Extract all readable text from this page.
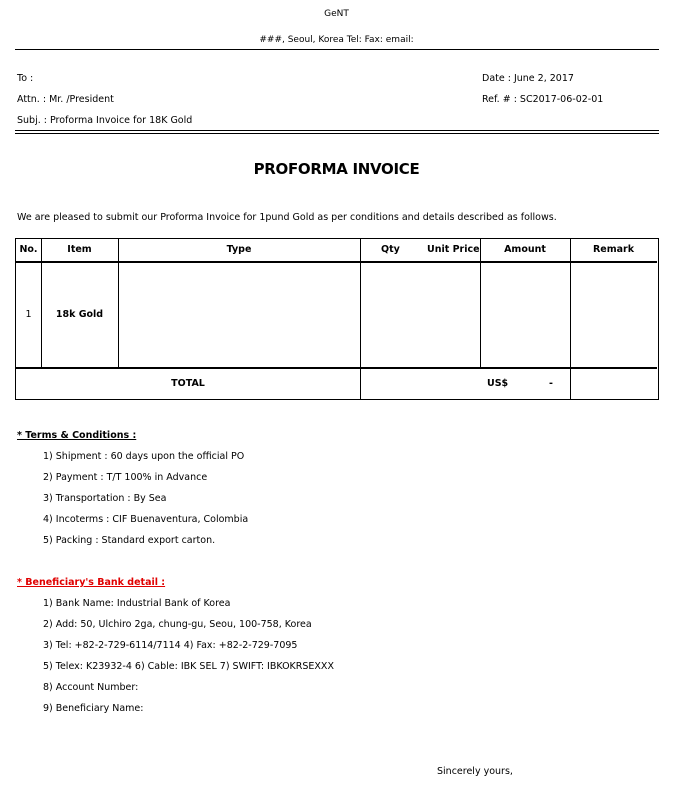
GeNT
###, Seoul, Korea Tel: Fax: email:
To :
Attn. : Mr. /President
Subj. : Proforma Invoice for 18K Gold
Date : June 2, 2017
Ref. # : SC2017-06-02-01
PROFORMA INVOICE
We are pleased to submit our Proforma Invoice for 1pund Gold as per conditions and details described as follows.
No.	Item	Type	Qty	Unit Price	Amount	Remark
1	18k Gold
TOTAL	US$	-
* Terms & Conditions :
1) Shipment : 60 days upon the official PO
2) Payment : T/T 100% in Advance
3) Transportation : By Sea
4) Incoterms : CIF Buenaventura, Colombia
5) Packing : Standard export carton.
* Beneficiary's Bank detail :
1) Bank Name: Industrial Bank of Korea
2) Add: 50, Ulchiro 2ga, chung-gu, Seou, 100-758, Korea
3) Tel: +82-2-729-6114/7114 4) Fax: +82-2-729-7095
5) Telex: K23932-4 6) Cable: IBK SEL 7) SWIFT: IBKOKRSEXXX
8) Account Number:
9) Beneficiary Name:
Sincerely yours,
